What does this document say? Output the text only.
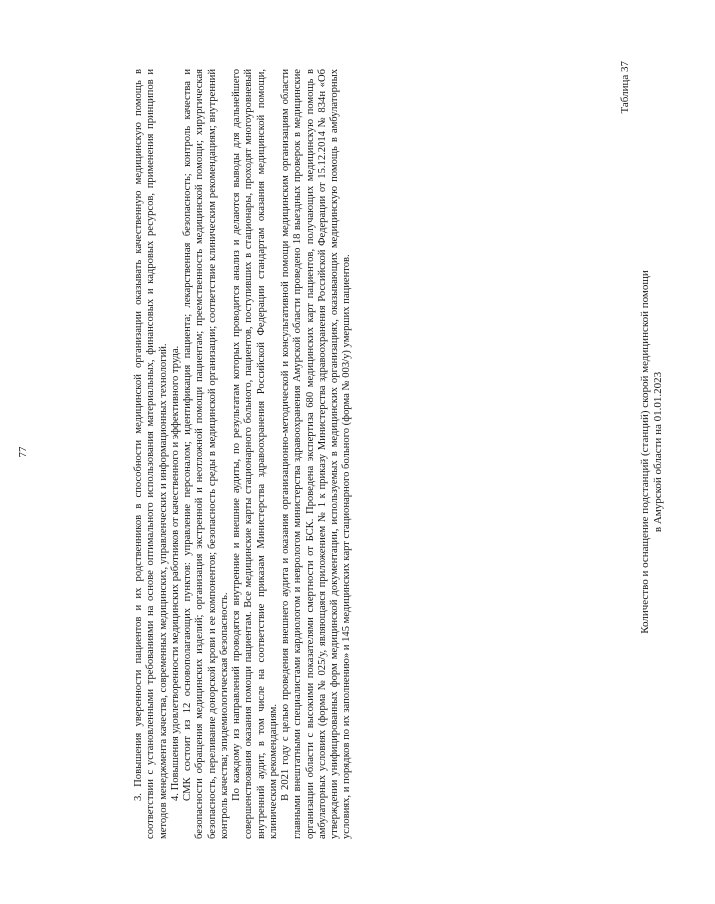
77	3. Повышения уверенности пациентов и их родственников в способности медицинской организации оказывать качественную медицинскую помощь в соответствии с установленными требованиями на основе оптимального использования материальных, финансовых и кадровых ресурсов, применения принципов и методов менеджмента качества, современных медицинских, управленческих и информационных технологий. 4. Повышения удовлетворенности медицинских работников от качественного и эффективного труда. СМК состоит из 12 основополагающих пунктов: управление персоналом; идентификация пациента; лекарственная безопасность; контроль качества и безопасности обращения медицинских изделий; организация экстренной и неотложной помощи пациентам; преемственность медицинской помощи; хирургическая безопасность, переливание донорской крови и ее компонентов; безопасность среды в медицинской организации; соответствие клиническим рекомендациям; внутренний контроль качества; эпидемиологическая безопасность. По каждому из направлений проводятся внутренние и внешние аудиты, по результатам которых проводится анализ и делаются выводы для дальнейшего совершенствования оказания помощи пациентам. Все медицинские карты стационарного больного, пациентов, поступивших в стационары, проходят многоуровневый внутренний аудит, в том числе на соответствие приказам Министерства здравоохранения Российской Федерации стандартам оказания медицинской помощи, клиническим рекомендациям. В 2021 году с целью проведения внешнего аудита и оказания организационно-методической и консультативной помощи медицинским организациям области главными внештатными специалистами кардиологом и неврологом министерства здравоохранения Амурской области проведено 18 выездных проверок в медицинские организации области с высокими показателями смертности от БСК. Проведена экспертиза 680 медицинских карт пациентов, получающих медицинскую помощь в амбулаторных условиях (форма № 025/у, являющаяся приложением № 1 к приказу Министерства здравоохранения Российской Федерации от 15.12.2014 № 834н «Об утверждении унифицированных форм медицинской документации, используемых в медицинских организациях, оказывающих медицинскую помощь в амбулаторных условиях, и порядков по их заполнению» и 145 медицинских карт стационарного больного (форма № 003/у) умерших пациентов.

Таблица 37
Количество и оснащение подстанций (станций) скорой медицинской помощи в Амурской области на 01.01.2023
